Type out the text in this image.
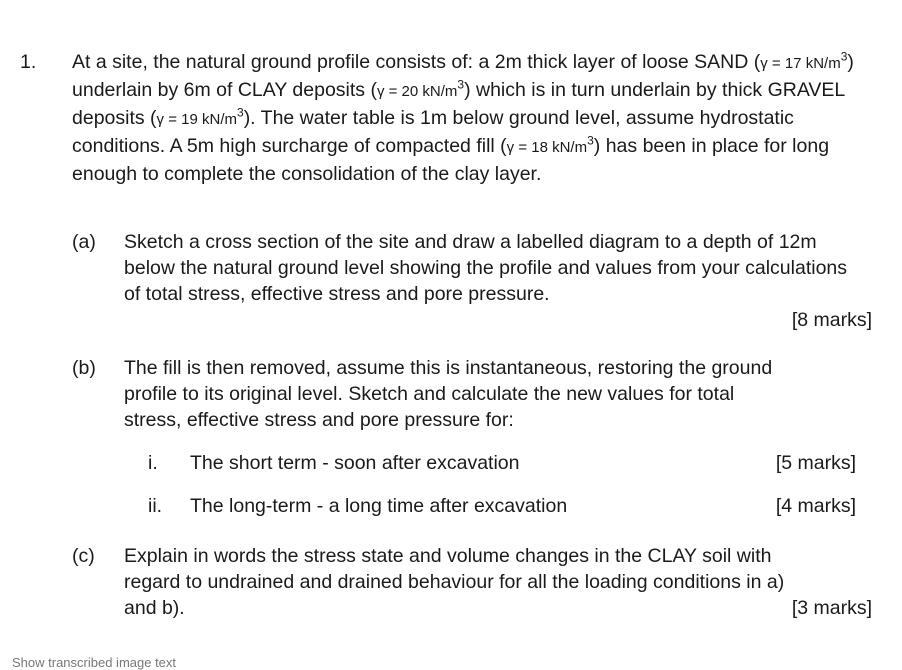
1. At a site, the natural ground profile consists of: a 2m thick layer of loose SAND (γ = 17 $kN/m^3$) underlain by 6m of CLAY deposits (γ = 20 $kN/m^3$) which is in turn underlain by thick GRAVEL deposits (γ = 19 $kN/m^3$). The water table is 1m below ground level, assume hydrostatic conditions. A 5m high surcharge of compacted fill (γ = 18 $kN/m^3$) has been in place for long enough to complete the consolidation of the clay layer.
(a) Sketch a cross section of the site and draw a labelled diagram to a depth of 12m below the natural ground level showing the profile and values from your calculations of total stress, effective stress and pore pressure.
[8 marks]
(b) The fill is then removed, assume this is instantaneous, restoring the ground profile to its original level. Sketch and calculate the new values for total stress, effective stress and pore pressure for:
i. The short term - soon after excavation	[5 marks]
ii. The long-term - a long time after excavation	[4 marks]
(c) Explain in words the stress state and volume changes in the CLAY soil with regard to undrained and drained behaviour for all the loading conditions in a) and b).	[3 marks]
Show transcribed image text
